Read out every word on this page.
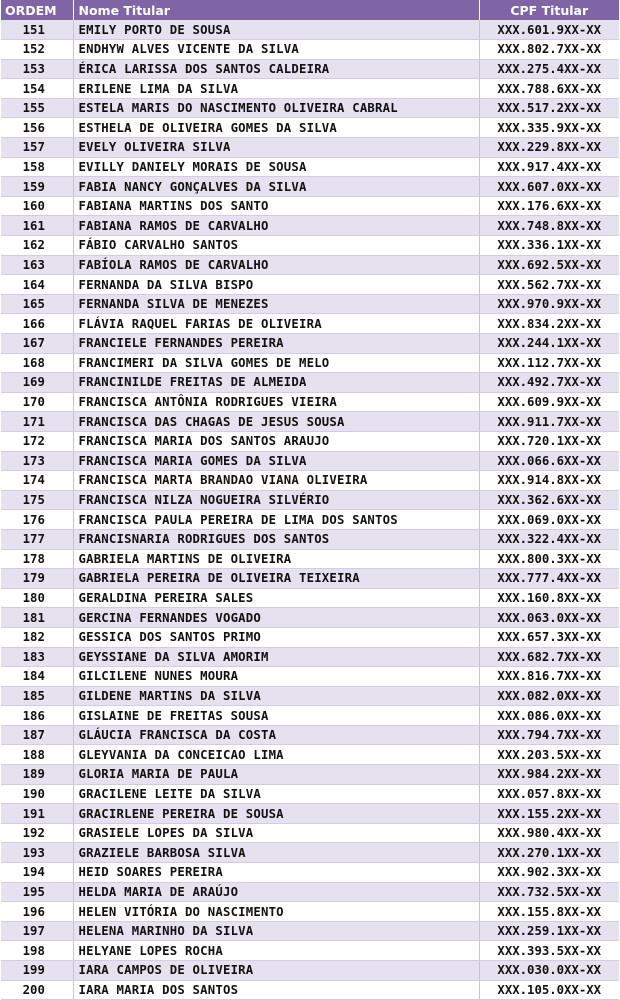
ORDEM	Nome Titular	CPF Titular
151	EMILY PORTO DE SOUSA	XXX.601.9XX-XX
152	ENDHYW ALVES VICENTE DA SILVA	XXX.802.7XX-XX
153	ÉRICA LARISSA DOS SANTOS CALDEIRA	XXX.275.4XX-XX
154	ERILENE LIMA DA SILVA	XXX.788.6XX-XX
155	ESTELA MARIS DO NASCIMENTO OLIVEIRA CABRAL	XXX.517.2XX-XX
156	ESTHELA DE OLIVEIRA GOMES DA SILVA	XXX.335.9XX-XX
157	EVELY OLIVEIRA SILVA	XXX.229.8XX-XX
158	EVILLY DANIELY MORAIS DE SOUSA	XXX.917.4XX-XX
159	FABIA NANCY GONÇALVES DA SILVA	XXX.607.0XX-XX
160	FABIANA MARTINS DOS SANTO	XXX.176.6XX-XX
161	FABIANA RAMOS DE CARVALHO	XXX.748.8XX-XX
162	FÁBIO CARVALHO SANTOS	XXX.336.1XX-XX
163	FABÍOLA RAMOS DE CARVALHO	XXX.692.5XX-XX
164	FERNANDA DA SILVA BISPO	XXX.562.7XX-XX
165	FERNANDA SILVA DE MENEZES	XXX.970.9XX-XX
166	FLÁVIA RAQUEL FARIAS DE OLIVEIRA	XXX.834.2XX-XX
167	FRANCIELE FERNANDES PEREIRA	XXX.244.1XX-XX
168	FRANCIMERI DA SILVA GOMES DE MELO	XXX.112.7XX-XX
169	FRANCINILDE FREITAS DE ALMEIDA	XXX.492.7XX-XX
170	FRANCISCA ANTÔNIA RODRIGUES VIEIRA	XXX.609.9XX-XX
171	FRANCISCA DAS CHAGAS DE JESUS SOUSA	XXX.911.7XX-XX
172	FRANCISCA MARIA DOS SANTOS ARAUJO	XXX.720.1XX-XX
173	FRANCISCA MARIA GOMES DA SILVA	XXX.066.6XX-XX
174	FRANCISCA MARTA BRANDAO VIANA OLIVEIRA	XXX.914.8XX-XX
175	FRANCISCA NILZA NOGUEIRA SILVÉRIO	XXX.362.6XX-XX
176	FRANCISCA PAULA PEREIRA DE LIMA DOS SANTOS	XXX.069.0XX-XX
177	FRANCISNARIA RODRIGUES DOS SANTOS	XXX.322.4XX-XX
178	GABRIELA MARTINS DE OLIVEIRA	XXX.800.3XX-XX
179	GABRIELA PEREIRA DE OLIVEIRA TEIXEIRA	XXX.777.4XX-XX
180	GERALDINA PEREIRA SALES	XXX.160.8XX-XX
181	GERCINA FERNANDES VOGADO	XXX.063.0XX-XX
182	GESSICA DOS SANTOS PRIMO	XXX.657.3XX-XX
183	GEYSSIANE DA SILVA AMORIM	XXX.682.7XX-XX
184	GILCILENE NUNES MOURA	XXX.816.7XX-XX
185	GILDENE MARTINS DA SILVA	XXX.082.0XX-XX
186	GISLAINE DE FREITAS SOUSA	XXX.086.0XX-XX
187	GLÁUCIA FRANCISCA DA COSTA	XXX.794.7XX-XX
188	GLEYVANIA DA CONCEICAO LIMA	XXX.203.5XX-XX
189	GLORIA MARIA DE PAULA	XXX.984.2XX-XX
190	GRACILENE LEITE DA SILVA	XXX.057.8XX-XX
191	GRACIRLENE PEREIRA DE SOUSA	XXX.155.2XX-XX
192	GRASIELE LOPES DA SILVA	XXX.980.4XX-XX
193	GRAZIELE BARBOSA SILVA	XXX.270.1XX-XX
194	HEID SOARES PEREIRA	XXX.902.3XX-XX
195	HELDA MARIA DE ARAÚJO	XXX.732.5XX-XX
196	HELEN VITÓRIA DO NASCIMENTO	XXX.155.8XX-XX
197	HELENA MARINHO DA SILVA	XXX.259.1XX-XX
198	HELYANE LOPES ROCHA	XXX.393.5XX-XX
199	IARA CAMPOS DE OLIVEIRA	XXX.030.0XX-XX
200	IARA MARIA DOS SANTOS	XXX.105.0XX-XX
